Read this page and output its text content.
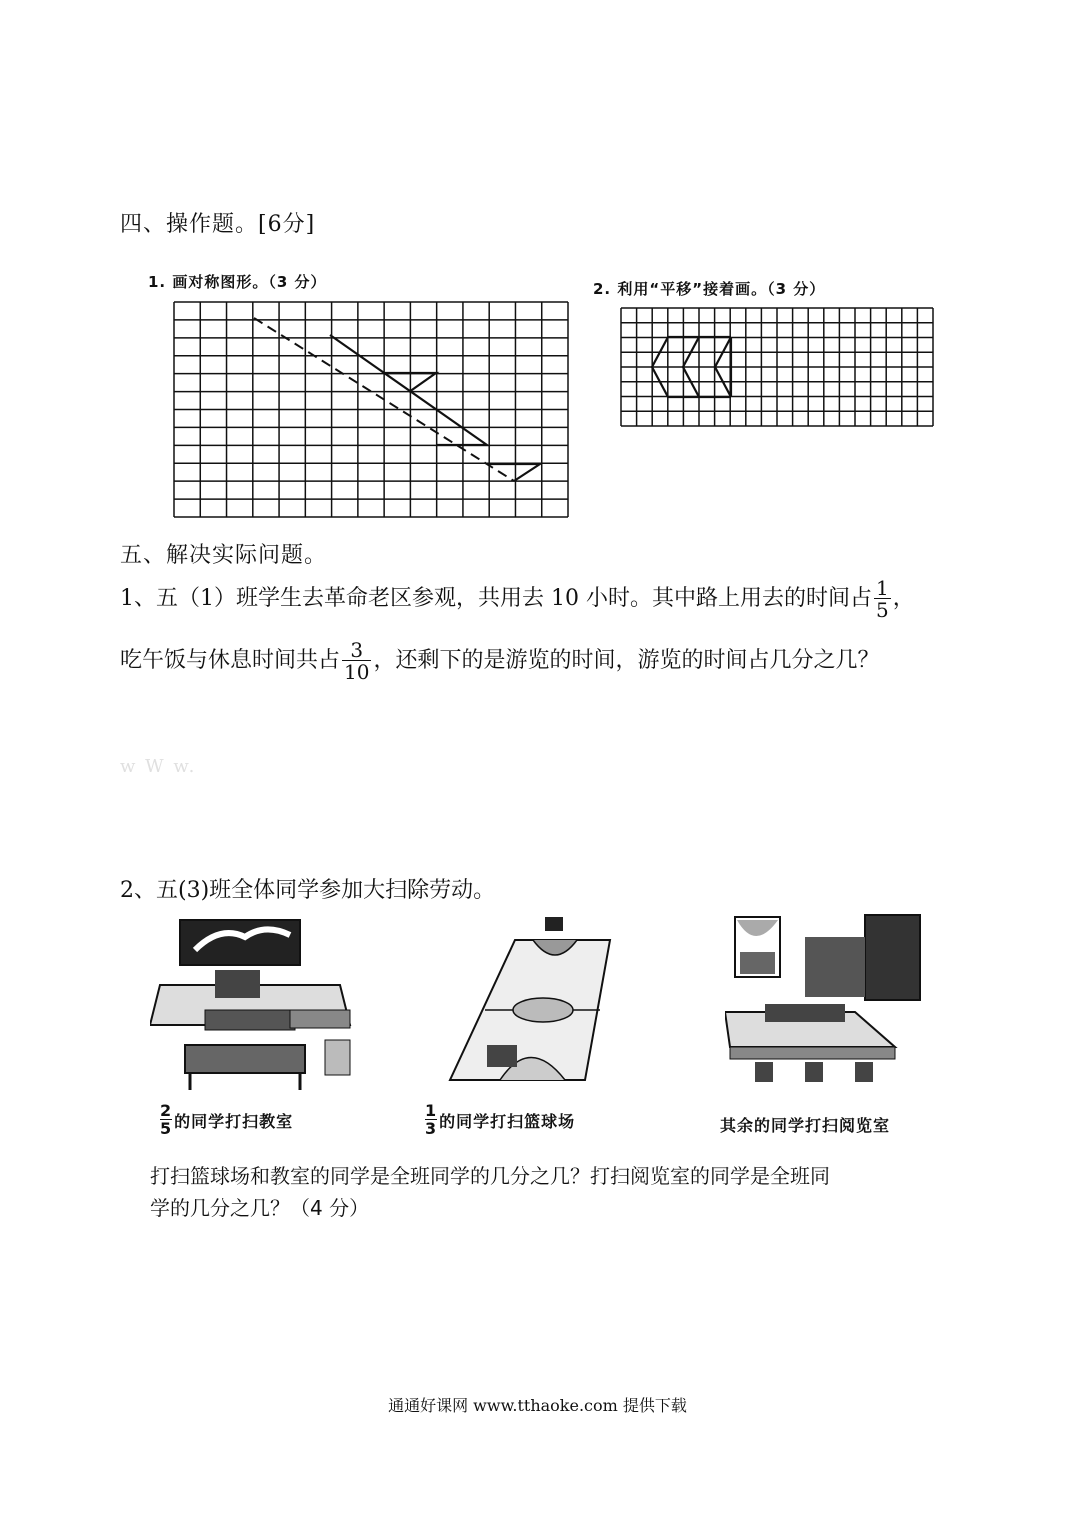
四、操作题。[6分]
1. 画对称图形。（3 分）	2. 利用“平移”接着画。（3 分）
五、解决实际问题。
1、五（1）班学生去革命老区参观，共用去 10 小时。其中路上用去的时间占 $\frac{1}{5}$ ，
吃午饭与休息时间共占 $\frac{3}{10}$ ，还剩下的是游览的时间，游览的时间占几分之几？
w W w.
2、五(3)班全体同学参加大扫除劳动。
$\frac{2}{5}$ 的同学打扫教室	$\frac{1}{3}$ 的同学打扫篮球场	其余的同学打扫阅览室
打扫篮球场和教室的同学是全班同学的几分之几？打扫阅览室的同学是全班同
学的几分之几？（4 分）
通通好课网 www.tthaoke.com 提供下载
